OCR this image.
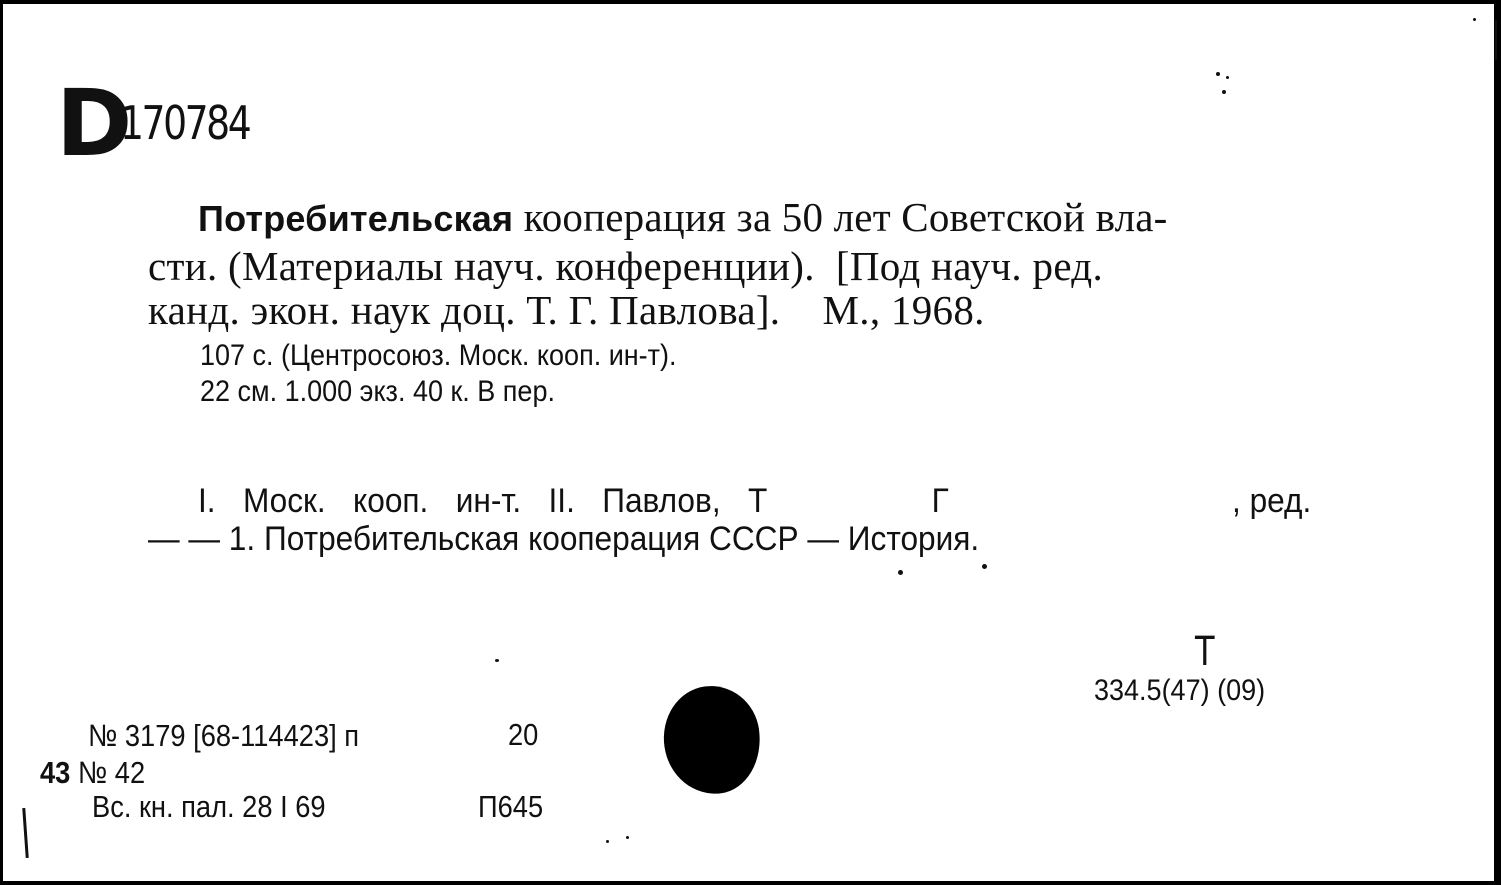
D
170784
Потребительская кооперация за 50 лет Советской вла-
сти. (Материалы науч. конференции).  [Под науч. ред.
канд. экон. наук доц. Т. Г. Павлова].    М., 1968.
107 с. (Центросоюз. Моск. кооп. ин-т).
22 см. 1.000 экз. 40 к. В пер.
I. Моск. кооп. ин-т. II. Павлов, Т      Г	, ред.
— — 1. Потребительская кооперация СССР — История.
Т
334.5(47) (09)
№ 3179 [68-114423] п	20
43 № 42
Вс. кн. пал. 28 I 69	П645
